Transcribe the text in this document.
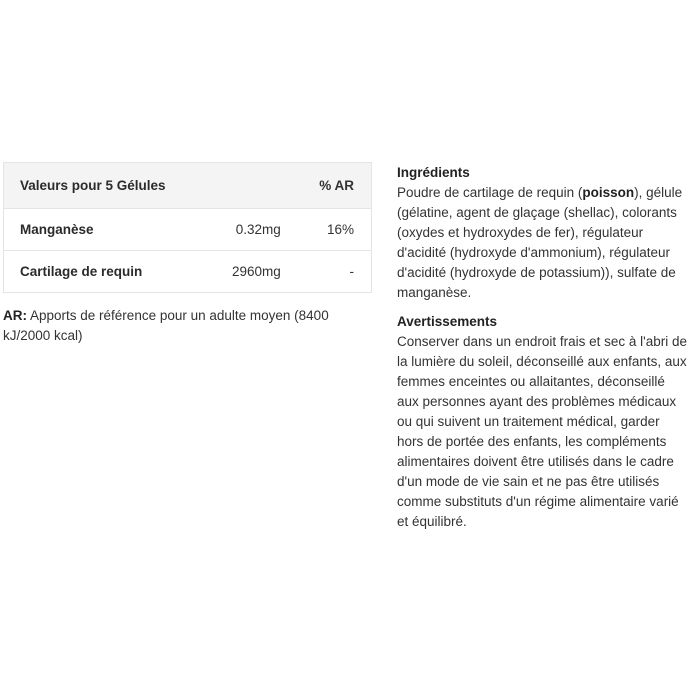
Valeurs pour 5 Gélules		% AR
Manganèse	0.32mg	16%
Cartilage de requin	2960mg	-
AR: Apports de référence pour un adulte moyen (8400 kJ/2000 kcal)

Ingrédients

Poudre de cartilage de requin (poisson), gélule (gélatine, agent de glaçage (shellac), colorants (oxydes et hydroxydes de fer), régulateur d'acidité (hydroxyde d'ammonium), régulateur d'acidité (hydroxyde de potassium)), sulfate de manganèse.

Avertissements

Conserver dans un endroit frais et sec à l'abri de la lumière du soleil, déconseillé aux enfants, aux femmes enceintes ou allaitantes, déconseillé aux personnes ayant des problèmes médicaux ou qui suivent un traitement médical, garder hors de portée des enfants, les compléments alimentaires doivent être utilisés dans le cadre d'un mode de vie sain et ne pas être utilisés comme substituts d'un régime alimentaire varié et équilibré.
